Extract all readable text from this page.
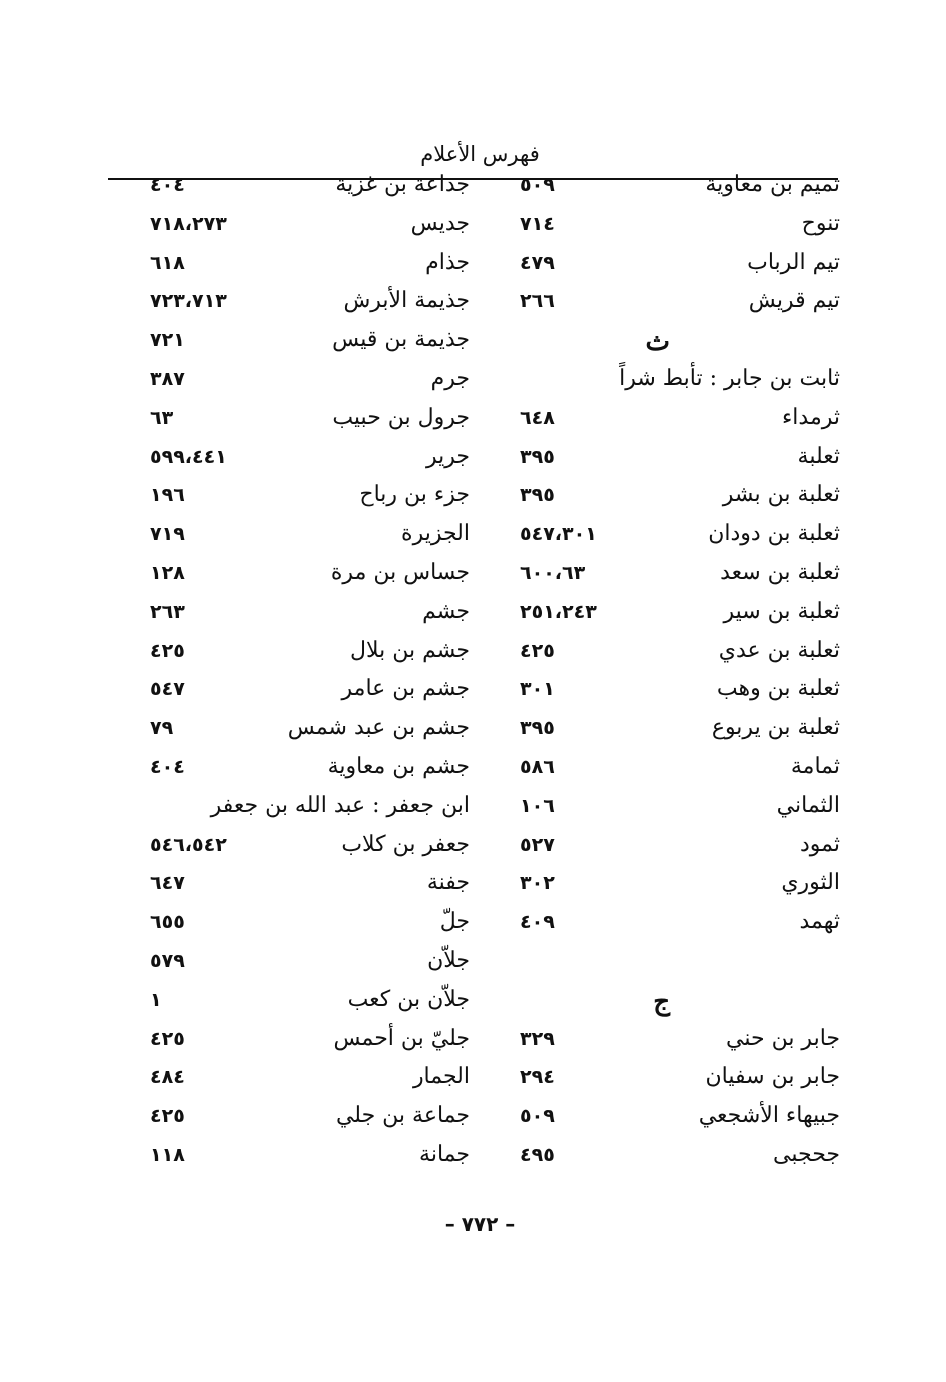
فهرس الأعلام
تميم بن معاوية
٥٠٩
تنوح
٧١٤
تيم الرباب
٤٧٩
تيم قريش
٢٦٦
ث
ثابت بن جابر : تأبط شراً
ثرمداء
٦٤٨
ثعلبة
٣٩٥
ثعلبة بن بشر
٣٩٥
ثعلبة بن دودان
٥٤٧،٣٠١
ثعلبة بن سعد
٦٠٠،٦٣
ثعلبة بن سير
٢٥١،٢٤٣
ثعلبة بن عدي
٤٢٥
ثعلبة بن وهب
٣٠١
ثعلبة بن يربوع
٣٩٥
ثمامة
٥٨٦
الثماني
١٠٦
ثمود
٥٢٧
الثوري
٣٠٢
ثهمد
٤٠٩
ج
جابر بن حني
٣٢٩
جابر بن سفيان
٢٩٤
جبيهاء الأشجعي
٥٠٩
جحجبى
٤٩٥
جداعة بن غزية
٤٠٤
جديس
٧١٨،٢٧٣
جذام
٦١٨
جذيمة الأبرش
٧٢٣،٧١٣
جذيمة بن قيس
٧٢١
جرم
٣٨٧
جرول بن حبيب
٦٣
جرير
٥٩٩،٤٤١
جزء بن رباح
١٩٦
الجزيرة
٧١٩
جساس بن مرة
١٢٨
جشم
٢٦٣
جشم بن بلال
٤٢٥
جشم بن عامر
٥٤٧
جشم بن عبد شمس
٧٩
جشم بن معاوية
٤٠٤
ابن جعفر : عبد الله بن جعفر
جعفر بن كلاب
٥٤٦،٥٤٢
جفنة
٦٤٧
جلّ
٦٥٥
جلاّن
٥٧٩
جلاّن بن كعب
١
جليّ بن أحمس
٤٢٥
الجمار
٤٨٤
جماعة بن جلي
٤٢٥
جمانة
١١٨
– ٧٧٢ –
